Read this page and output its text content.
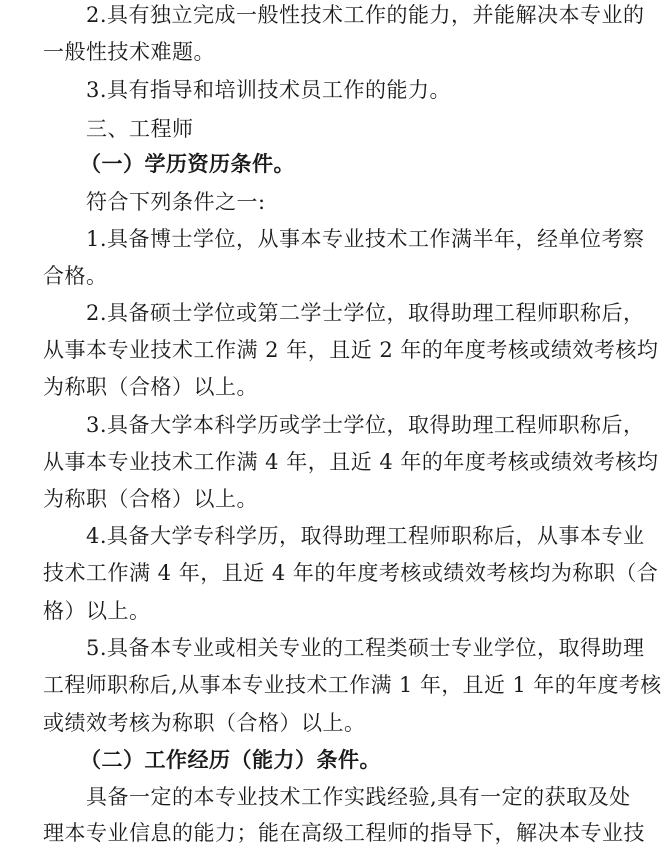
2.具有独立完成一般性技术工作的能力，并能解决本专业的
一般性技术难题。
3.具有指导和培训技术员工作的能力。
三、工程师
（一）学历资历条件。
符合下列条件之一:
1.具备博士学位，从事本专业技术工作满半年，经单位考察
合格。
2.具备硕士学位或第二学士学位，取得助理工程师职称后，
从事本专业技术工作满 2 年，且近 2 年的年度考核或绩效考核均
为称职（合格）以上。
3.具备大学本科学历或学士学位，取得助理工程师职称后，
从事本专业技术工作满 4 年，且近 4 年的年度考核或绩效考核均
为称职（合格）以上。
4.具备大学专科学历，取得助理工程师职称后，从事本专业
技术工作满 4 年，且近 4 年的年度考核或绩效考核均为称职（合
格）以上。
5.具备本专业或相关专业的工程类硕士专业学位，取得助理
工程师职称后,从事本专业技术工作满 1 年，且近 1 年的年度考核
或绩效考核为称职（合格）以上。
（二）工作经历（能力）条件。
具备一定的本专业技术工作实践经验,具有一定的获取及处
理本专业信息的能力；能在高级工程师的指导下，解决本专业技
